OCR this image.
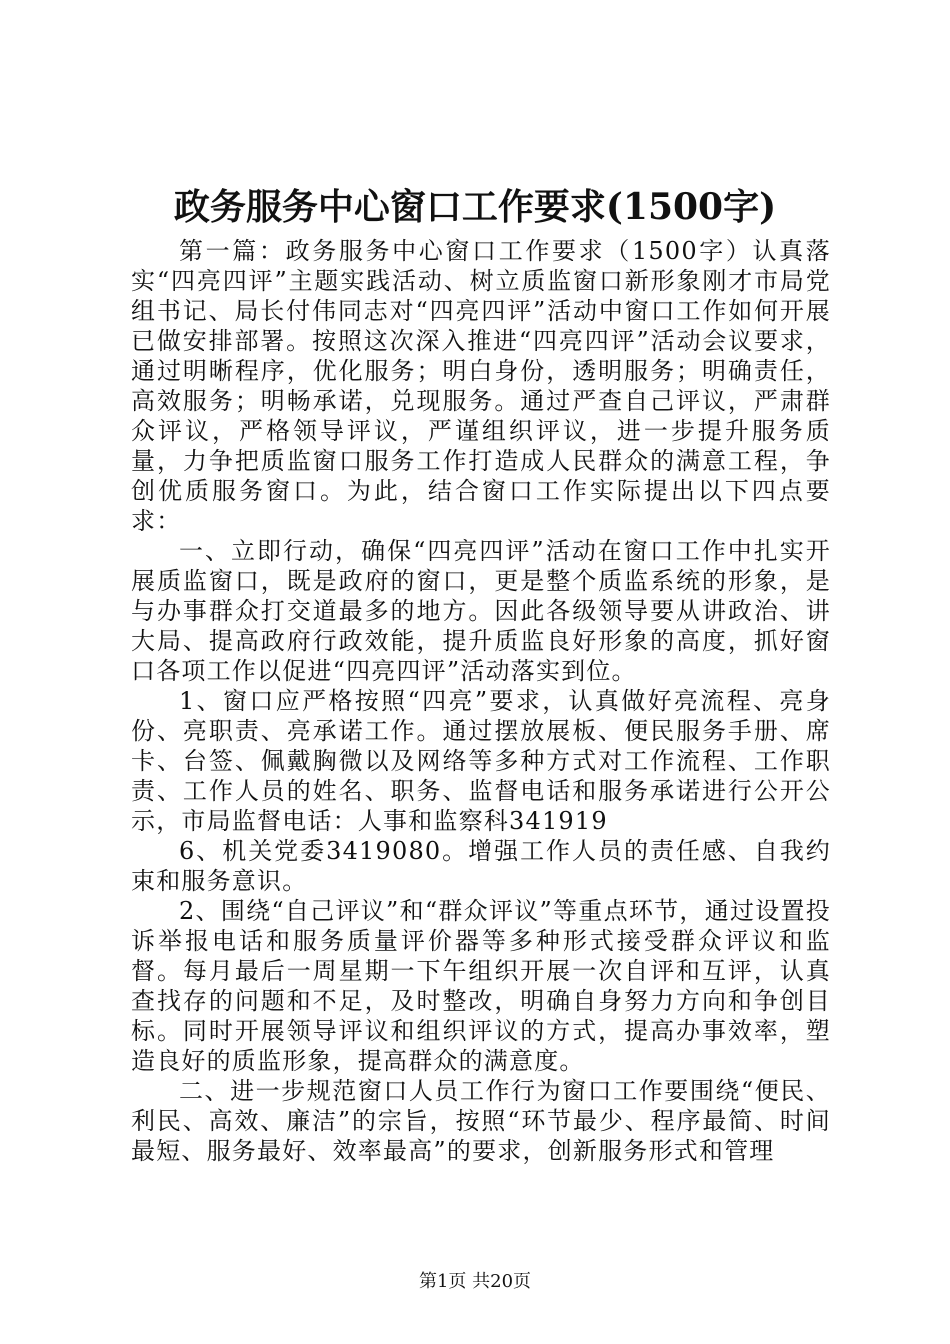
政务服务中心窗口工作要求(1500字)

第一篇：政务服务中心窗口工作要求（1500字）认真落实“四亮四评”主题实践活动、树立质监窗口新形象刚才市局党组书记、局长付伟同志对“四亮四评”活动中窗口工作如何开展已做安排部署。按照这次深入推进“四亮四评”活动会议要求，通过明晰程序，优化服务；明白身份，透明服务；明确责任，高效服务；明畅承诺，兑现服务。通过严查自己评议，严肃群众评议，严格领导评议，严谨组织评议，进一步提升服务质量，力争把质监窗口服务工作打造成人民群众的满意工程，争创优质服务窗口。为此，结合窗口工作实际提出以下四点要求：

一、立即行动，确保“四亮四评”活动在窗口工作中扎实开展质监窗口，既是政府的窗口，更是整个质监系统的形象，是与办事群众打交道最多的地方。因此各级领导要从讲政治、讲大局、提高政府行政效能，提升质监良好形象的高度，抓好窗口各项工作以促进“四亮四评”活动落实到位。

1、窗口应严格按照“四亮”要求，认真做好亮流程、亮身份、亮职责、亮承诺工作。通过摆放展板、便民服务手册、席卡、台签、佩戴胸微以及网络等多种方式对工作流程、工作职责、工作人员的姓名、职务、监督电话和服务承诺进行公开公示，市局监督电话：人事和监察科341919

6、机关党委3419080。增强工作人员的责任感、自我约束和服务意识。

2、围绕“自己评议”和“群众评议”等重点环节，通过设置投诉举报电话和服务质量评价器等多种形式接受群众评议和监督。每月最后一周星期一下午组织开展一次自评和互评，认真查找存的问题和不足，及时整改，明确自身努力方向和争创目标。同时开展领导评议和组织评议的方式，提高办事效率，塑造良好的质监形象，提高群众的满意度。

二、进一步规范窗口人员工作行为窗口工作要围绕“便民、利民、高效、廉洁”的宗旨，按照“环节最少、程序最简、时间最短、服务最好、效率最高”的要求，创新服务形式和管理

第1页 共20页
